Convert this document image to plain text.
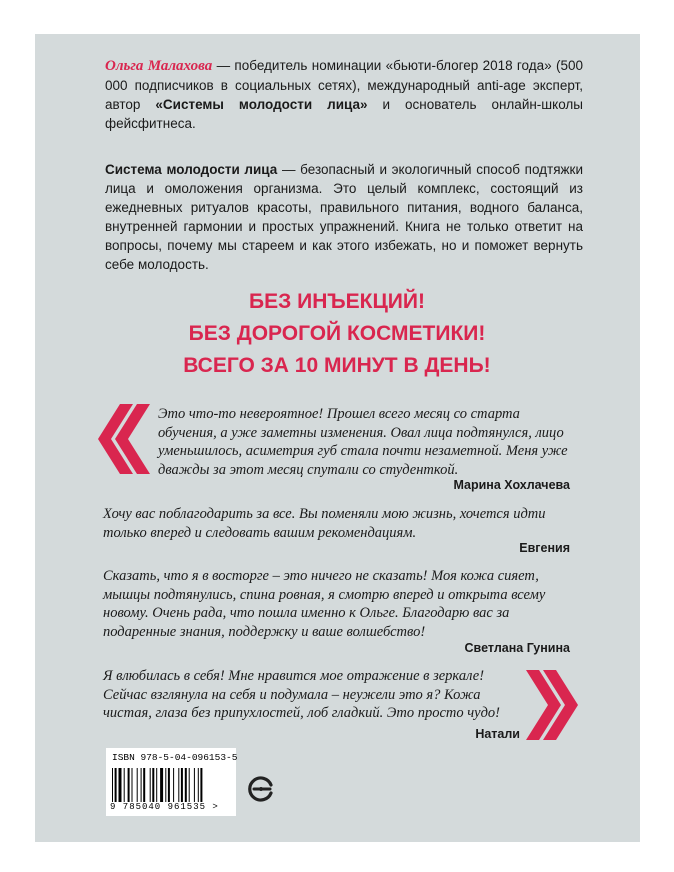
Ольга Малахова — победитель номинации «бьюти-блогер 2018 года» (500 000 подписчиков в социальных сетях), международный anti-age эксперт, автор «Системы молодости лица» и основатель онлайн-школы фейсфитнеса.

Система молодости лица — безопасный и экологичный способ подтяжки лица и омоложения организма. Это целый комплекс, состоящий из ежедневных ритуалов красоты, правильного питания, водного баланса, внутренней гармонии и простых упражнений. Книга не только ответит на вопросы, почему мы стареем и как этого избежать, но и поможет вернуть себе молодость.

БЕЗ ИНЪЕКЦИЙ!
БЕЗ ДОРОГОЙ КОСМЕТИКИ!
ВСЕГО ЗА 10 МИНУТ В ДЕНЬ!

Это что-то невероятное! Прошел всего месяц со старта обучения, а уже заметны изменения. Овал лица подтянулся, лицо уменьшилось, асиметрия губ стала почти незаметной. Меня уже дважды за этот месяц спутали со студенткой.

Марина Хохлачева

Хочу вас поблагодарить за все. Вы поменяли мою жизнь, хочется идти только вперед и следовать вашим рекомендациям.

Евгения

Сказать, что я в восторге – это ничего не сказать! Моя кожа сияет, мышцы подтянулись, спина ровная, я смотрю вперед и открыта всему новому. Очень рада, что пошла именно к Ольге. Благодарю вас за подаренные знания, поддержку и ваше волшебство!

Светлана Гунина

Я влюбилась в себя! Мне нравится мое отражение в зеркале! Сейчас взглянула на себя и подумала – неужели это я? Кожа чистая, глаза без припухлостей, лоб гладкий. Это просто чудо!

Натали
ISBN 978-5-04-096153-5
9 785040 961535 >
